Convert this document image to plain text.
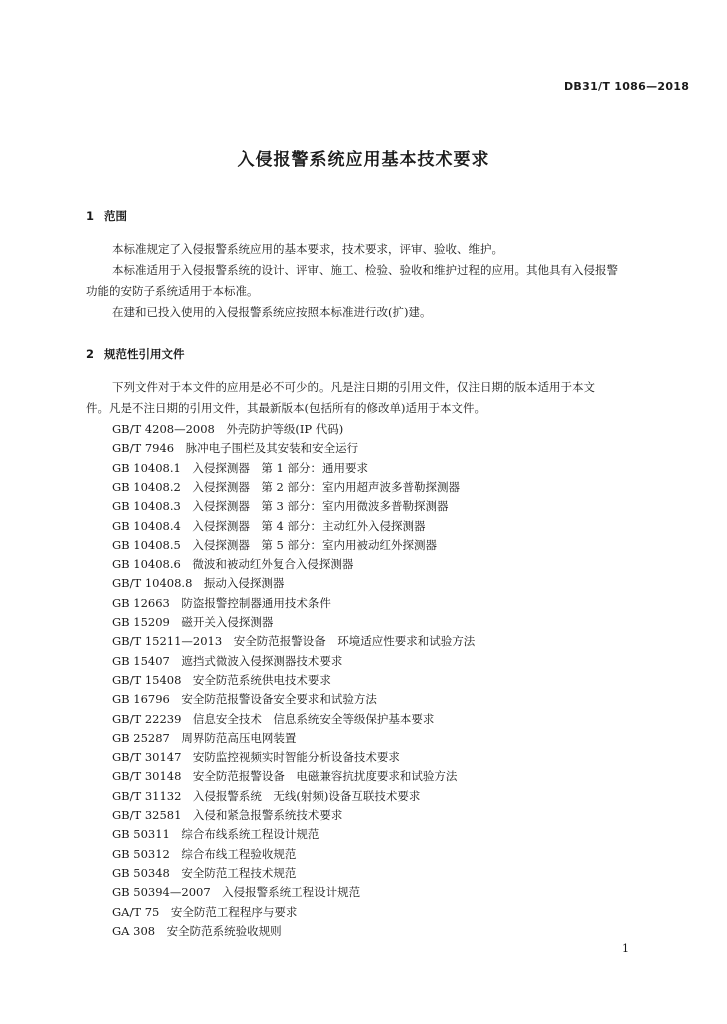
DB31/T 1086—2018
入侵报警系统应用基本技术要求
1 范围
本标准规定了入侵报警系统应用的基本要求，技术要求，评审、验收、维护。
本标准适用于入侵报警系统的设计、评审、施工、检验、验收和维护过程的应用。其他具有入侵报警
功能的安防子系统适用于本标准。
在建和已投入使用的入侵报警系统应按照本标准进行改(扩)建。
2 规范性引用文件
下列文件对于本文件的应用是必不可少的。凡是注日期的引用文件，仅注日期的版本适用于本文
件。凡是不注日期的引用文件，其最新版本(包括所有的修改单)适用于本文件。
GB/T 4208—2008　 外壳防护等级(IP 代码)
GB/T 7946　 脉冲电子围栏及其安装和安全运行
GB 10408.1　 入侵探测器　第 1 部分：通用要求
GB 10408.2　 入侵探测器　第 2 部分：室内用超声波多普勒探测器
GB 10408.3　 入侵探测器　第 3 部分：室内用微波多普勒探测器
GB 10408.4　 入侵探测器　第 4 部分：主动红外入侵探测器
GB 10408.5　 入侵探测器　第 5 部分：室内用被动红外探测器
GB 10408.6　 微波和被动红外复合入侵探测器
GB/T 10408.8　 振动入侵探测器
GB 12663　 防盗报警控制器通用技术条件
GB 15209　 磁开关入侵探测器
GB/T 15211—2013　 安全防范报警设备　环境适应性要求和试验方法
GB 15407　 遮挡式微波入侵探测器技术要求
GB/T 15408　 安全防范系统供电技术要求
GB 16796　 安全防范报警设备安全要求和试验方法
GB/T 22239　 信息安全技术　信息系统安全等级保护基本要求
GB 25287　 周界防范高压电网装置
GB/T 30147　 安防监控视频实时智能分析设备技术要求
GB/T 30148　 安全防范报警设备　电磁兼容抗扰度要求和试验方法
GB/T 31132　 入侵报警系统　无线(射频)设备互联技术要求
GB/T 32581　 入侵和紧急报警系统技术要求
GB 50311　 综合布线系统工程设计规范
GB 50312　 综合布线工程验收规范
GB 50348　 安全防范工程技术规范
GB 50394—2007　 入侵报警系统工程设计规范
GA/T 75　 安全防范工程程序与要求
GA 308　 安全防范系统验收规则
1
